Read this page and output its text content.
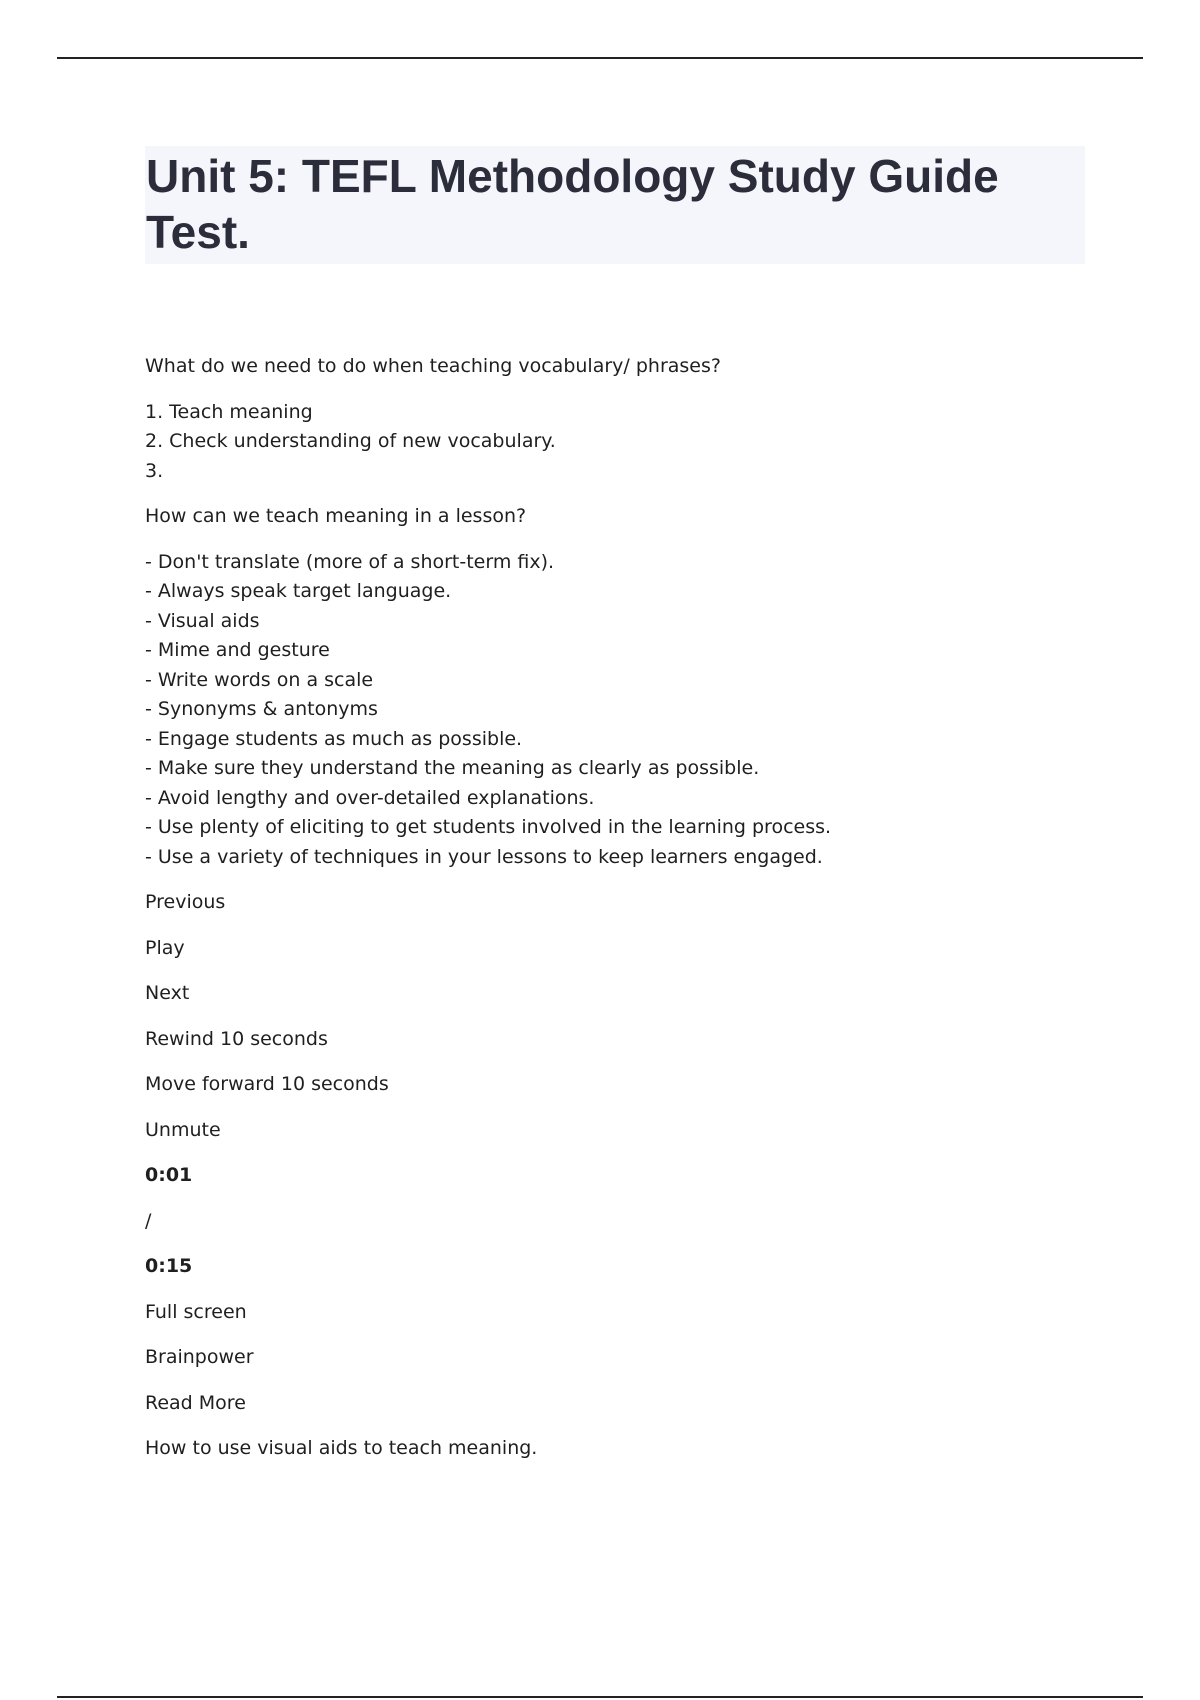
Unit 5: TEFL Methodology Study Guide Test.

What do we need to do when teaching vocabulary/ phrases?

1. Teach meaning
2. Check understanding of new vocabulary.
3.

How can we teach meaning in a lesson?

- Don't translate (more of a short-term fix).
- Always speak target language.
- Visual aids
- Mime and gesture
- Write words on a scale
- Synonyms & antonyms
- Engage students as much as possible.
- Make sure they understand the meaning as clearly as possible.
- Avoid lengthy and over-detailed explanations.
- Use plenty of eliciting to get students involved in the learning process.
- Use a variety of techniques in your lessons to keep learners engaged.

Previous

Play

Next

Rewind 10 seconds

Move forward 10 seconds

Unmute

0:01

/

0:15

Full screen

Brainpower

Read More

How to use visual aids to teach meaning.
